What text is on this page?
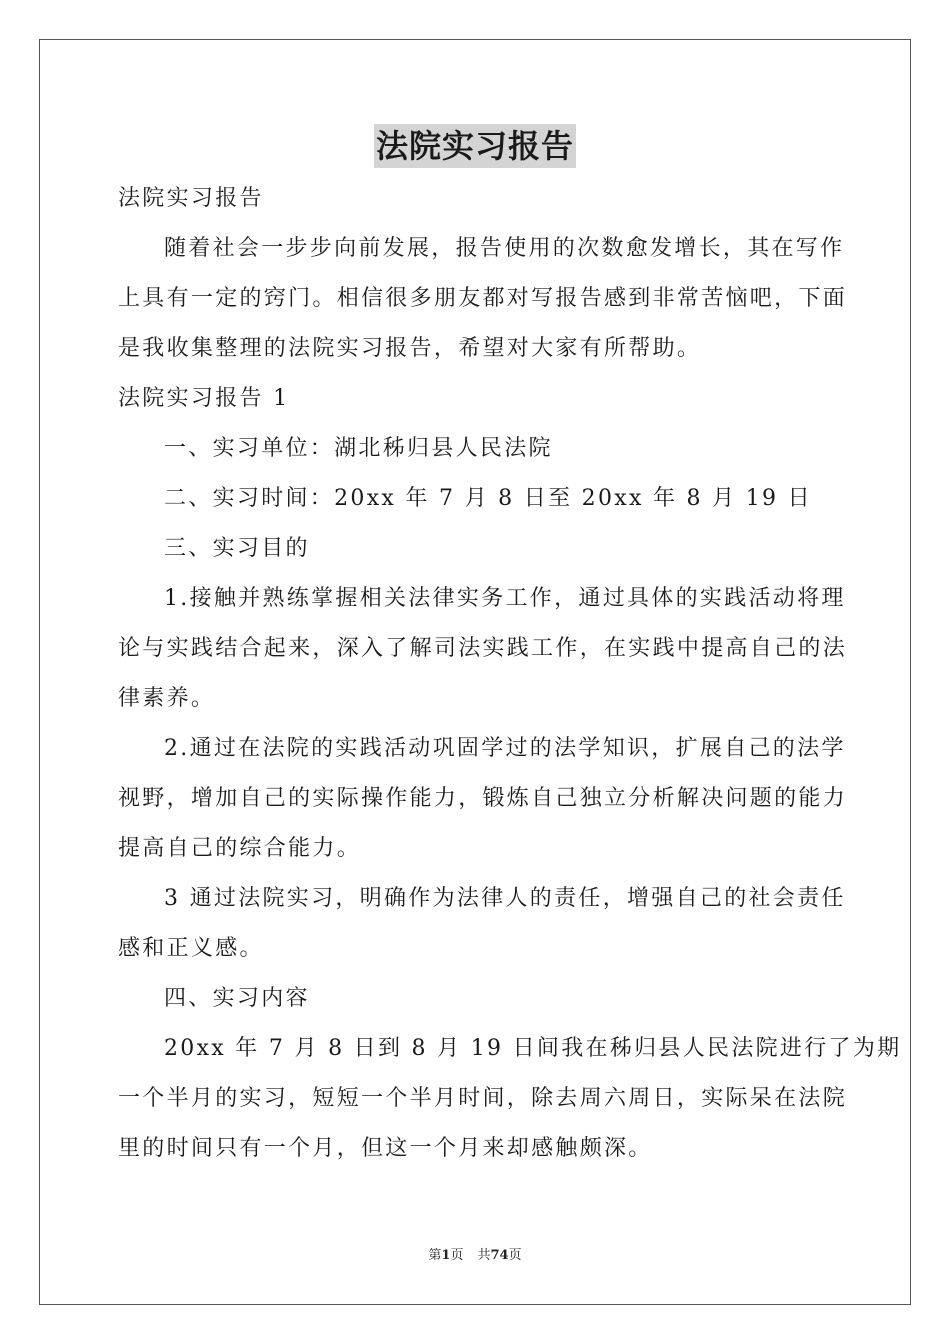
法院实习报告
法院实习报告
随着社会一步步向前发展，报告使用的次数愈发增长，其在写作
上具有一定的窍门。相信很多朋友都对写报告感到非常苦恼吧，下面
是我收集整理的法院实习报告，希望对大家有所帮助。
法院实习报告 1
一、实习单位：湖北秭归县人民法院
二、实习时间：20xx 年 7 月 8 日至 20xx 年 8 月 19 日
三、实习目的
1.接触并熟练掌握相关法律实务工作，通过具体的实践活动将理
论与实践结合起来，深入了解司法实践工作，在实践中提高自己的法
律素养。
2.通过在法院的实践活动巩固学过的法学知识，扩展自己的法学
视野，增加自己的实际操作能力，锻炼自己独立分析解决问题的能力
提高自己的综合能力。
3 通过法院实习，明确作为法律人的责任，增强自己的社会责任
感和正义感。
四、实习内容
20xx 年 7 月 8 日到 8 月 19 日间我在秭归县人民法院进行了为期
一个半月的实习，短短一个半月时间，除去周六周日，实际呆在法院
里的时间只有一个月，但这一个月来却感触颇深。
第1页 共74页
